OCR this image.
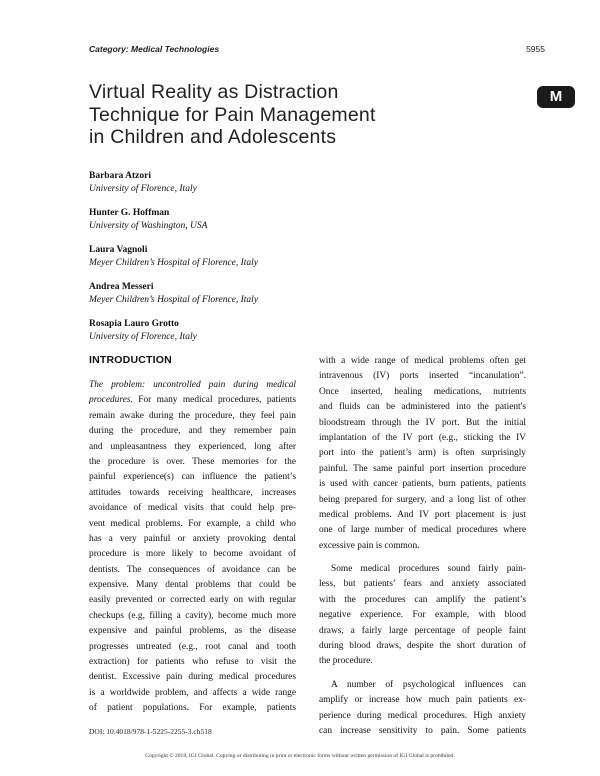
Category: Medical Technologies	5955
M
Virtual Reality as Distraction
Technique for Pain Management
in Children and Adolescents
Barbara Atzori
University of Florence, Italy
Hunter G. Hoffman
University of Washington, USA
Laura Vagnoli
Meyer Children’s Hospital of Florence, Italy
Andrea Messeri
Meyer Children’s Hospital of Florence, Italy
Rosapia Lauro Grotto
University of Florence, Italy
INTRODUCTION
The problem: uncontrolled pain during medical
procedures. For many medical procedures, patients
remain awake during the procedure, they feel pain
during the procedure, and they remember pain
and unpleasantness they experienced, long after
the procedure is over. These memories for the
painful experience(s) can influence the patient’s
attitudes towards receiving healthcare, increases
avoidance of medical visits that could help pre-
vent medical problems. For example, a child who
has a very painful or anxiety provoking dental
procedure is more likely to become avoidant of
dentists. The consequences of avoidance can be
expensive. Many dental problems that could be
easily prevented or corrected early on with regular
checkups (e.g, filling a cavity), become much more
expensive and painful problems, as the disease
progresses untreated (e.g., root canal and tooth
extraction) for patients who refuse to visit the
dentist. Excessive pain during medical procedures
is a worldwide problem, and affects a wide range
of patient populations. For example, patients
with a wide range of medical problems often get
intravenous (IV) ports inserted “incanulation”.
Once inserted, healing medications, nutrients
and fluids can be administered into the patient's
bloodstream through the IV port. But the initial
implantation of the IV port (e.g., sticking the IV
port into the patient’s arm) is often surprisingly
painful. The same painful port insertion procedure
is used with cancer patients, burn patients, patients
being prepared for surgery, and a long list of other
medical problems. And IV port placement is just
one of large number of medical procedures where
excessive pain is common.
Some medical procedures sound fairly pain-
less, but patients’ fears and anxiety associated
with the procedures can amplify the patient’s
negative experience. For example, with blood
draws, a fairly large percentage of people faint
during blood draws, despite the short duration of
the procedure.
A number of psychological influences can
amplify or increase how much pain patients ex-
perience during medical procedures. High anxiety
can increase sensitivity to pain. Some patients
DOI: 10.4018/978-1-5225-2255-3.ch518
Copyright © 2018, IGI Global. Copying or distributing in print or electronic forms without written permission of IGI Global is prohibited.
